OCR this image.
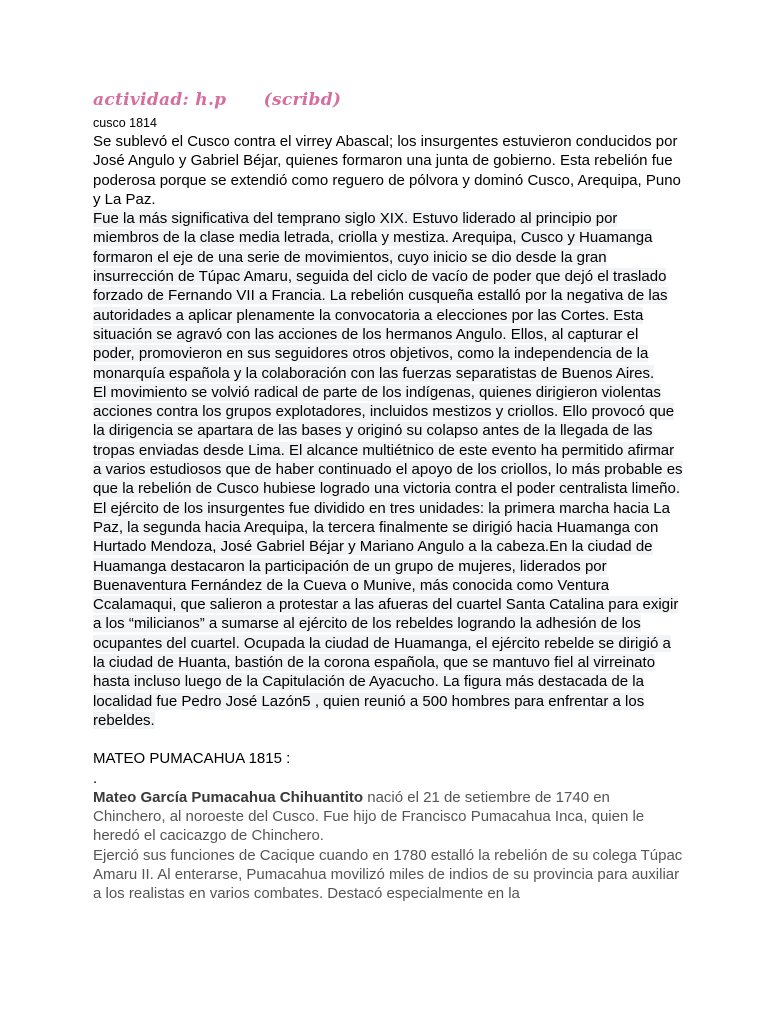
actividad: h.p      (scribd)
cusco 1814
Se sublevó el Cusco contra el virrey Abascal; los insurgentes estuvieron conducidos por José Angulo y Gabriel Béjar, quienes formaron una junta de gobierno. Esta rebelión fue poderosa porque se extendió como reguero de pólvora y dominó Cusco, Arequipa, Puno y La Paz.
Fue la más significativa del temprano siglo XIX. Estuvo liderado al principio por miembros de la clase media letrada, criolla y mestiza. Arequipa, Cusco y Huamanga formaron el eje de una serie de movimientos, cuyo inicio se dio desde la gran insurrección de Túpac Amaru, seguida del ciclo de vacío de poder que dejó el traslado forzado de Fernando VII a Francia. La rebelión cusqueña estalló por la negativa de las autoridades a aplicar plenamente la convocatoria a elecciones por las Cortes. Esta situación se agravó con las acciones de los hermanos Angulo. Ellos, al capturar el poder, promovieron en sus seguidores otros objetivos, como la independencia de la monarquía española y la colaboración con las fuerzas separatistas de Buenos Aires.
El movimiento se volvió radical de parte de los indígenas, quienes dirigieron violentas acciones contra los grupos explotadores, incluidos mestizos y criollos. Ello provocó que la dirigencia se apartara de las bases y originó su colapso antes de la llegada de las tropas enviadas desde Lima. El alcance multiétnico de este evento ha permitido afirmar a varios estudiosos que de haber continuado el apoyo de los criollos, lo más probable es que la rebelión de Cusco hubiese logrado una victoria contra el poder centralista limeño. El ejército de los insurgentes fue dividido en tres unidades: la primera marcha hacia La Paz, la segunda hacia Arequipa, la tercera finalmente se dirigió hacia Huamanga con Hurtado Mendoza, José Gabriel Béjar y Mariano Angulo a la cabeza.En la ciudad de Huamanga destacaron la participación de un grupo de mujeres, liderados por Buenaventura Fernández de la Cueva o Munive, más conocida como Ventura Ccalamaqui, que salieron a protestar a las afueras del cuartel Santa Catalina para exigir a los “milicianos” a sumarse al ejército de los rebeldes logrando la adhesión de los ocupantes del cuartel. Ocupada la ciudad de Huamanga, el ejército rebelde se dirigió a la ciudad de Huanta, bastión de la corona española, que se mantuvo fiel al virreinato hasta incluso luego de la Capitulación de Ayacucho. La figura más destacada de la localidad fue Pedro José Lazón5 , quien reunió a 500 hombres para enfrentar a los rebeldes.
MATEO PUMACAHUA 1815 :
.
Mateo García Pumacahua Chihuantito nació el 21 de setiembre de 1740 en Chinchero, al noroeste del Cusco. Fue hijo de Francisco Pumacahua Inca, quien le heredó el cacicazgo de Chinchero.
Ejerció sus funciones de Cacique cuando en 1780 estalló la rebelión de su colega Túpac Amaru II. Al enterarse, Pumacahua movilizó miles de indios de su provincia para auxiliar a los realistas en varios combates. Destacó especialmente en la
